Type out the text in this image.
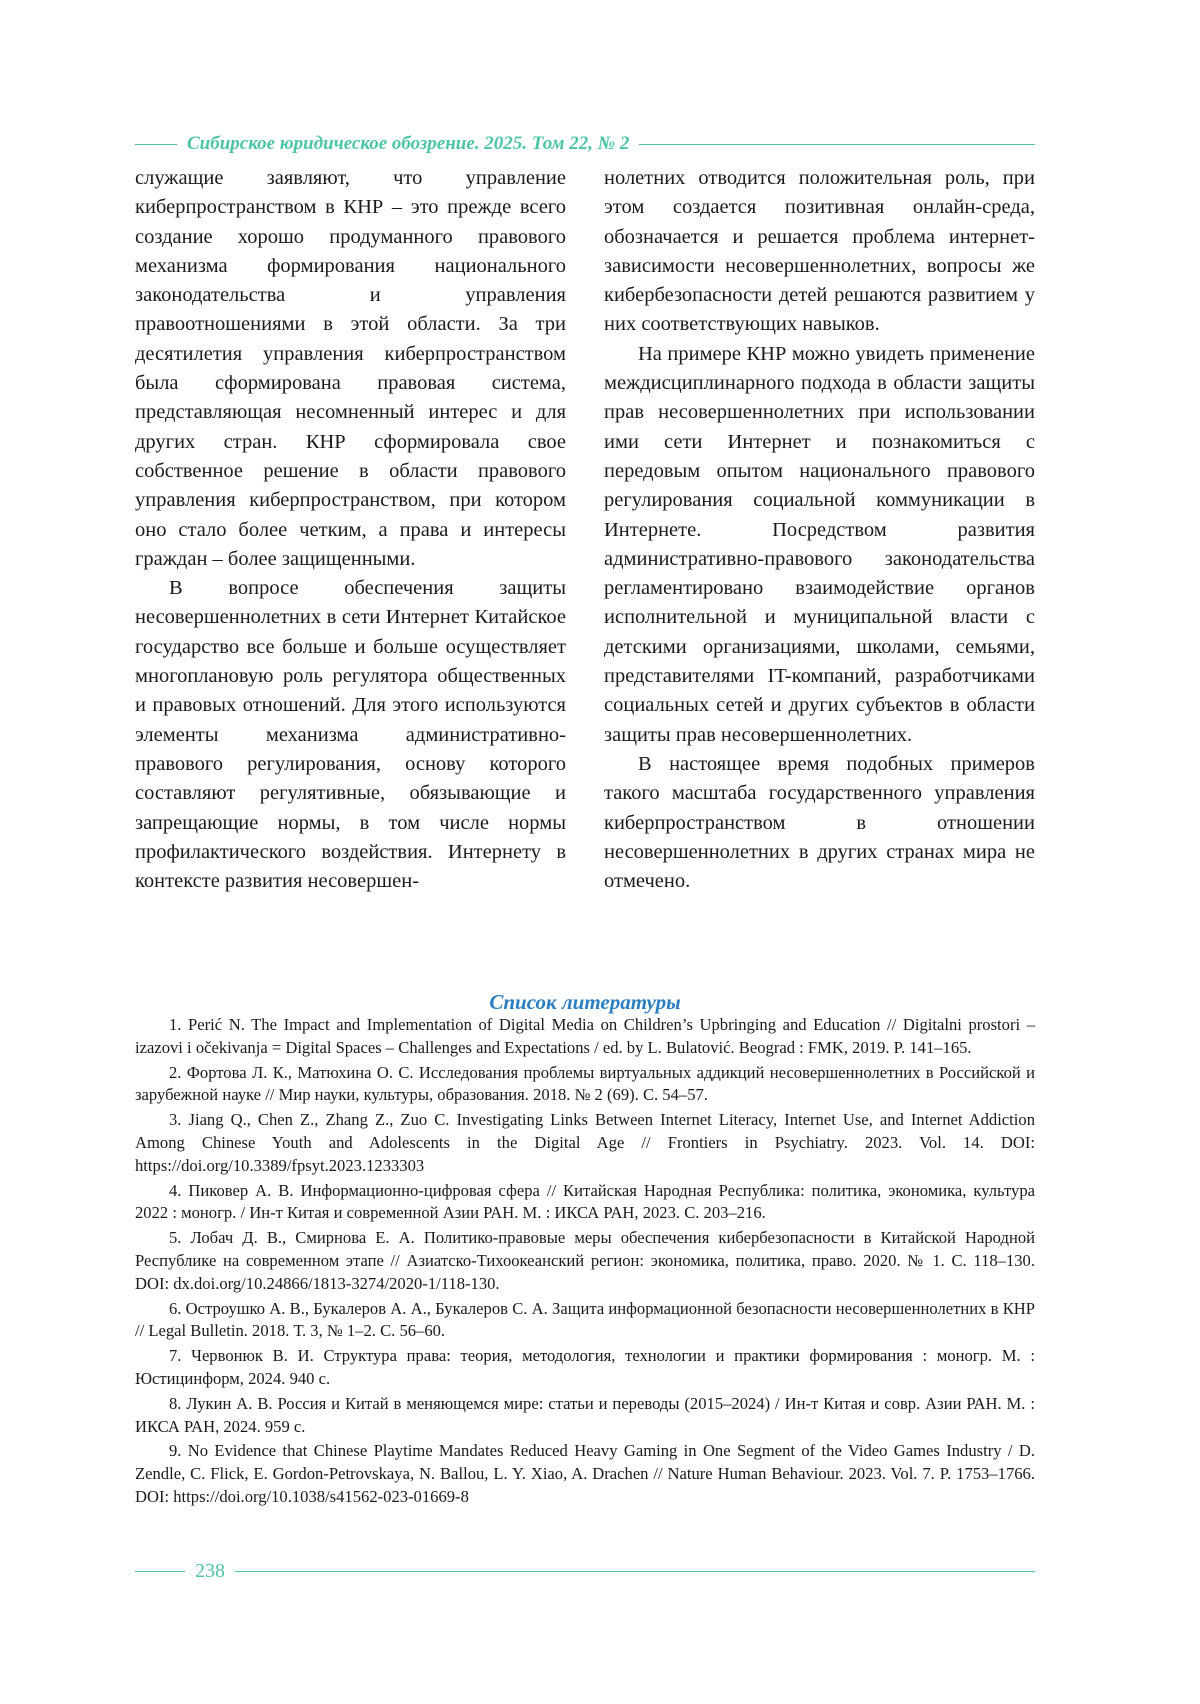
Сибирское юридическое обозрение. 2025. Том 22, № 2

служащие заявляют, что управление киберпространством в КНР – это прежде всего создание хорошо продуманного правового механизма формирования национального законодательства и управления правоотношениями в этой области. За три десятилетия управления киберпространством была сформирована правовая система, представляющая несомненный интерес и для других стран. КНР сформировала свое собственное решение в области правового управления киберпространством, при котором оно стало более четким, а права и интересы граждан – более защищенными.

В вопросе обеспечения защиты несовершеннолетних в сети Интернет Китайское государство все больше и больше осуществляет многоплановую роль регулятора общественных и правовых отношений. Для этого используются элементы механизма административно-правового регулирования, основу которого составляют регулятивные, обязывающие и запрещающие нормы, в том числе нормы профилактического воздействия. Интернету в контексте развития несовершен-

нолетних отводится положительная роль, при этом создается позитивная онлайн-среда, обозначается и решается проблема интернет-зависимости несовершеннолетних, вопросы же кибербезопасности детей решаются развитием у них соответствующих навыков.

На примере КНР можно увидеть применение междисциплинарного подхода в области защиты прав несовершеннолетних при использовании ими сети Интернет и познакомиться с передовым опытом национального правового регулирования социальной коммуникации в Интернете. Посредством развития административно-правового законодательства регламентировано взаимодействие органов исполнительной и муниципальной власти с детскими организациями, школами, семьями, представителями IT-компаний, разработчиками социальных сетей и других субъектов в области защиты прав несовершеннолетних.

В настоящее время подобных примеров такого масштаба государственного управления киберпространством в отношении несовершеннолетних в других странах мира не отмечено.

Список литературы

1. Perić N. The Impact and Implementation of Digital Media on Children’s Upbringing and Education // Digitalni prostori – izazovi i očekivanja = Digital Spaces – Challenges and Expectations / ed. by L. Bulatović. Beograd : FMK, 2019. P. 141–165.

2. Фортова Л. К., Матюхина О. С. Исследования проблемы виртуальных аддикций несовершеннолетних в Российской и зарубежной науке // Мир науки, культуры, образования. 2018. № 2 (69). С. 54–57.

3. Jiang Q., Chen Z., Zhang Z., Zuo C. Investigating Links Between Internet Literacy, Internet Use, and Internet Addiction Among Chinese Youth and Adolescents in the Digital Age // Frontiers in Psychiatry. 2023. Vol. 14. DOI: https://doi.org/10.3389/fpsyt.2023.1233303

4. Пиковер А. В. Информационно-цифровая сфера // Китайская Народная Республика: политика, экономика, культура 2022 : моногр. / Ин-т Китая и современной Азии РАН. М. : ИКСА РАН, 2023. С. 203–216.

5. Лобач Д. В., Смирнова Е. А. Политико-правовые меры обеспечения кибербезопасности в Китайской Народной Республике на современном этапе // Азиатско-Тихоокеанский регион: экономика, политика, право. 2020. № 1. С. 118–130. DOI: dx.doi.org/10.24866/1813-3274/2020-1/118-130.

6. Остроушко А. В., Букалеров А. А., Букалеров С. А. Защита информационной безопасности несовершеннолетних в КНР // Legal Bulletin. 2018. Т. 3, № 1–2. С. 56–60.

7. Червонюк В. И. Структура права: теория, методология, технологии и практики формирования : моногр. М. : Юстицинформ, 2024. 940 с.

8. Лукин А. В. Россия и Китай в меняющемся мире: статьи и переводы (2015–2024) / Ин-т Китая и совр. Азии РАН. М. : ИКСА РАН, 2024. 959 с.

9. No Evidence that Chinese Playtime Mandates Reduced Heavy Gaming in One Segment of the Video Games Industry / D. Zendle, C. Flick, E. Gordon-Petrovskaya, N. Ballou, L. Y. Xiao, A. Drachen // Nature Human Behaviour. 2023. Vol. 7. P. 1753–1766. DOI: https://doi.org/10.1038/s41562-023-01669-8

238
